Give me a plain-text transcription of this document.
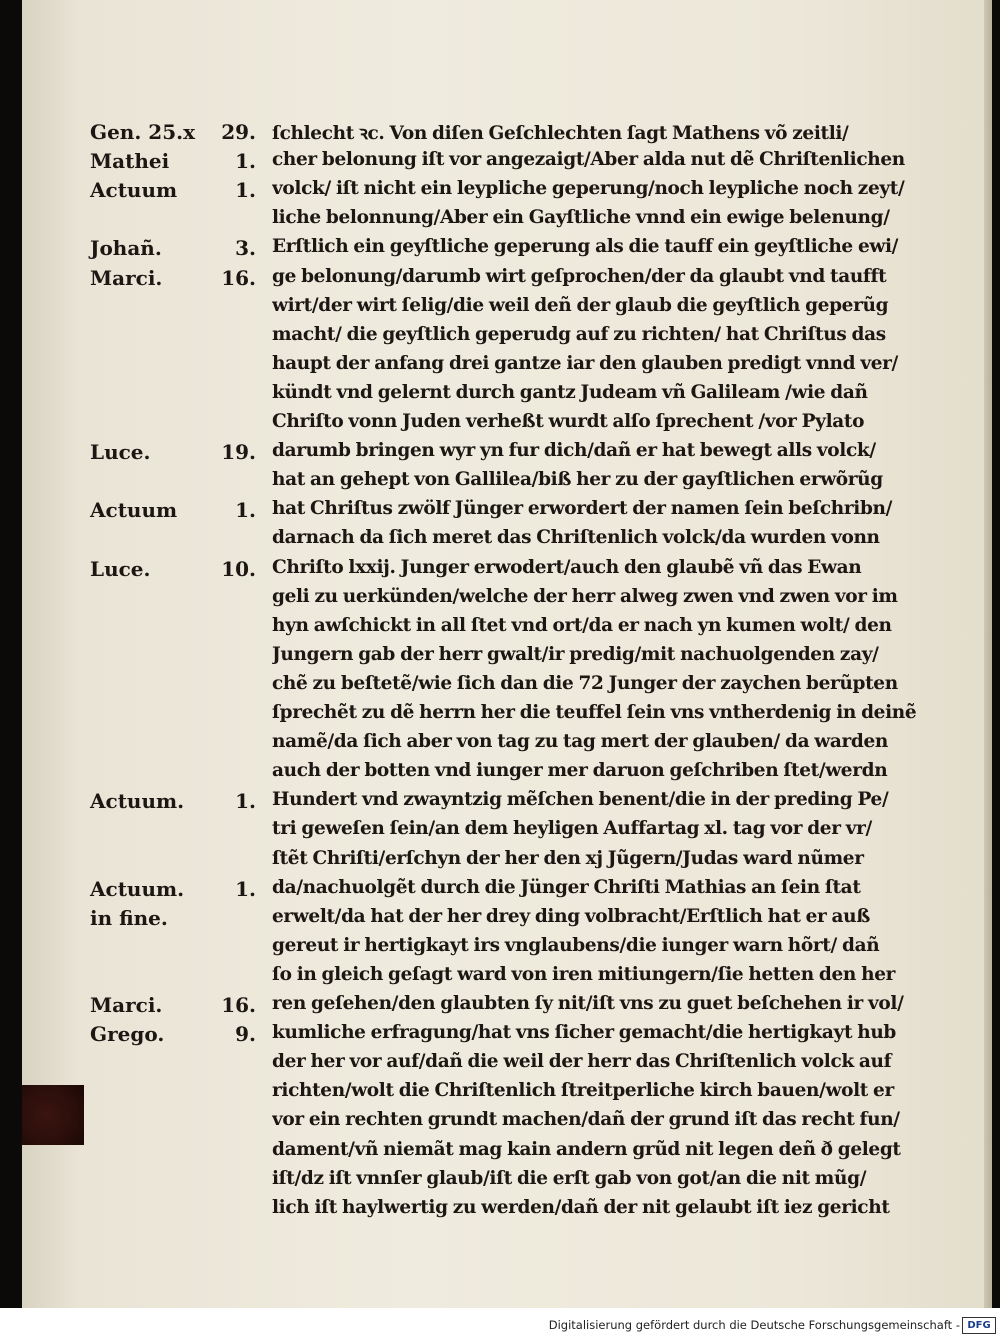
Gen. 25.x	29. ſchlecht ꝛc. Von diſen Geſchlechten ſagt Mathens võ zeitli/
Mathei	1. cher belonung iſt vor angezaigt/Aber alda nut dẽ Chriſtenlichen
Actuum	1. volck/ iſt nicht ein leypliche geperung/noch leypliche noch zeyt/
liche belonnung/Aber ein Gayſtliche vnnd ein ewige belenung/
Johañ.	3. Erſtlich ein geyſtliche geperung als die tauff ein geyſtliche ewi/
Marci.	16. ge belonung/darumb wirt geſprochen/der da glaubt vnd taufft
wirt/der wirt ſelig/die weil deñ der glaub die geyſtlich geperũg
macht/ die geyſtlich geperudg auf zu richten/ hat Chriſtus das
haupt der anfang drei gantze iar den glauben predigt vnnd ver/
kündt vnd gelernt durch gantz Judeam vñ Galileam /wie dañ
Chriſto vonn Juden verheßt wurdt alſo ſprechent /vor Pylato
Luce.	19. darumb bringen wyr yn fur dich/dañ er hat bewegt alls volck/
hat an gehept von Gallilea/biß her zu der gayſtlichen erwõrũg
Actuum	1. hat Chriſtus zwölf Jünger erwordert der namen ſein beſchribn/
darnach da ſich meret das Chriſtenlich volck/da wurden vonn
Luce.	10. Chriſto lxxij. Junger erwodert/auch den glaubẽ vñ das Ewan
geli zu uerkünden/welche der herr alweg zwen vnd zwen vor im
hyn awſchickt in all ſtet vnd ort/da er nach yn kumen wolt/ den
Jungern gab der herr gwalt/ir predig/mit nachuolgenden zay/
chẽ zu beſtetẽ/wie ſich dan die 72 Junger der zaychen berũpten
ſprechẽt zu dẽ herrn her die teuffel ſein vns vntherdenig in deinẽ
namẽ/da ſich aber von tag zu tag mert der glauben/ da warden
auch der botten vnd iunger mer daruon geſchriben ſtet/werdn
Actuum.	1. Hundert vnd zwayntzig mẽſchen benent/die in der preding Pe/
tri geweſen ſein/an dem heyligen Auffartag xl. tag vor der vr/
ſtẽt Chriſti/erſchyn der her den xj Jũgern/Judas ward nũmer
Actuum.	1. da/nachuolgẽt durch die Jünger Chriſti Mathias an ſein ſtat
in fine.	erwelt/da hat der her drey ding volbracht/Erſtlich hat er auß
gereut ir hertigkayt irs vnglaubens/die iunger warn hõrt/ dañ
ſo in gleich geſagt ward von iren mitiungern/ſie hetten den her
Marci.	16. ren geſehen/den glaubten ſy nit/iſt vns zu guet beſchehen ir vol/
Grego.	9. kumliche erfragung/hat vns ſicher gemacht/die hertigkayt hub
der her vor auf/dañ die weil der herr das Chriſtenlich volck auf
richten/wolt die Chriſtenlich ſtreitperliche kirch bauen/wolt er
vor ein rechten grundt machen/dañ der grund iſt das recht fun/
dament/vñ niemãt mag kain andern grũd nit legen deñ ð gelegt
iſt/dz iſt vnnſer glaub/iſt die erſt gab von got/an die nit mũg/
lich iſt haylwertig zu werden/dañ der nit gelaubt iſt iez gericht
Digitalisierung gefördert durch die Deutsche Forschungsgemeinschaft - DFG
